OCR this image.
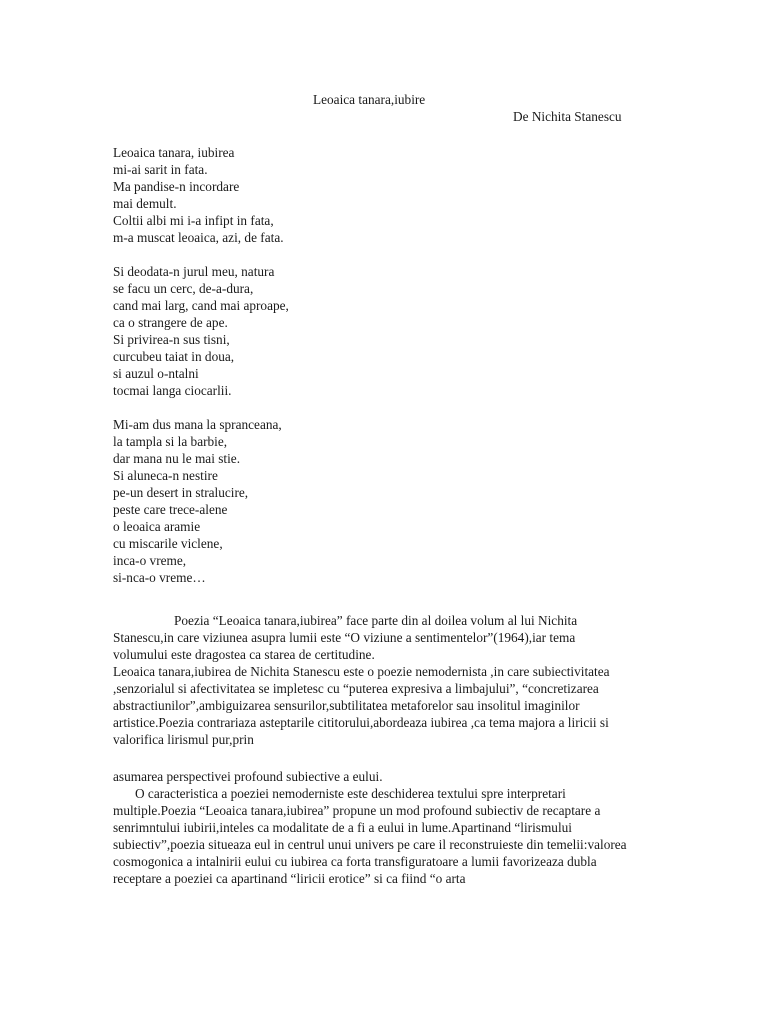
Leoaica tanara,iubire
De Nichita Stanescu
Leoaica tanara, iubirea
mi-ai sarit in fata.
Ma pandise-n incordare
mai demult.
Coltii albi mi i-a infipt in fata,
m-a muscat leoaica, azi, de fata.
Si deodata-n jurul meu, natura
se facu un cerc, de-a-dura,
cand mai larg, cand mai aproape,
ca o strangere de ape.
Si privirea-n sus tisni,
curcubeu taiat in doua,
si auzul o-ntalni
tocmai langa ciocarlii.
Mi-am dus mana la spranceana,
la tampla si la barbie,
dar mana nu le mai stie.
Si aluneca-n nestire
pe-un desert in stralucire,
peste care trece-alene
o leoaica aramie
cu miscarile viclene,
inca-o vreme,
si-nca-o vreme…

Poezia “Leoaica tanara,iubirea” face parte din al doilea volum al lui Nichita Stanescu,in care viziunea asupra lumii este “O viziune a sentimentelor”(1964),iar tema volumului este dragostea ca starea de certitudine.

Leoaica tanara,iubirea de Nichita Stanescu este o poezie nemodernista ,in care subiectivitatea ,senzorialul si afectivitatea se impletesc cu “puterea expresiva a limbajului”, “concretizarea abstractiunilor”,ambiguizarea sensurilor,subtilitatea metaforelor sau insolitul imaginilor artistice.Poezia contrariaza asteptarile cititorului,abordeaza iubirea ,ca tema majora a liricii si valorifica lirismul pur,prin

asumarea perspectivei profound subiective a eului.

O caracteristica a poeziei nemoderniste este deschiderea textului spre interpretari multiple.Poezia “Leoaica tanara,iubirea” propune un mod profound subiectiv de recaptare a senrimntului iubirii,inteles ca modalitate de a fi a eului in lume.Apartinand “lirismului subiectiv”,poezia situeaza eul in centrul unui univers pe care il reconstruieste din temelii:valorea cosmogonica a intalnirii eului cu iubirea ca forta transfiguratoare a lumii favorizeaza dubla receptare a poeziei ca apartinand “liricii erotice” si ca fiind “o arta
